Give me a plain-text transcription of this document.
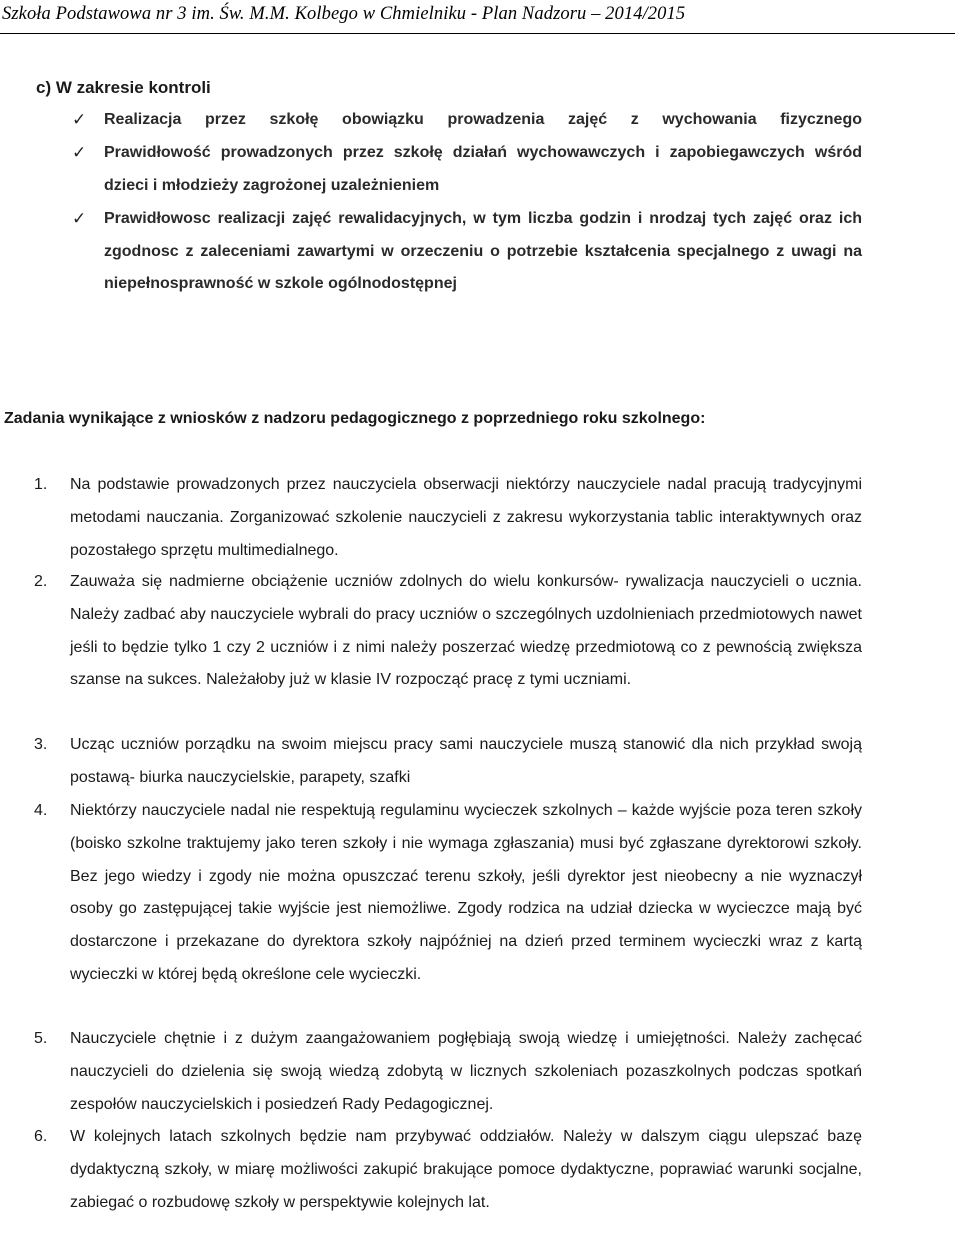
Szkoła Podstawowa nr 3 im. Św. M.M. Kolbego w Chmielniku - Plan Nadzoru – 2014/2015
c) W zakresie kontroli
✓ Realizacja przez szkołę obowiązku prowadzenia zajęć z wychowania fizycznego
✓ Prawidłowość prowadzonych przez szkołę działań wychowawczych i zapobiegawczych wśród dzieci i młodzieży zagrożonej uzależnieniem
✓ Prawidłowosc realizacji zajęć rewalidacyjnych, w tym liczba godzin i nrodzaj tych zajęć oraz ich zgodnosc z zaleceniami zawartymi w orzeczeniu o potrzebie kształcenia specjalnego z uwagi na niepełnosprawność w szkole ogólnodostępnej
Zadania wynikające z wniosków z nadzoru pedagogicznego z poprzedniego roku szkolnego:
1. Na podstawie prowadzonych przez nauczyciela obserwacji niektórzy nauczyciele nadal pracują tradycyjnymi metodami nauczania. Zorganizować szkolenie nauczycieli z zakresu wykorzystania tablic interaktywnych oraz pozostałego sprzętu multimedialnego.
2. Zauważa się nadmierne obciążenie uczniów zdolnych do wielu konkursów- rywalizacja nauczycieli o ucznia. Należy zadbać aby nauczyciele wybrali do pracy uczniów o szczególnych uzdolnieniach przedmiotowych nawet jeśli to będzie tylko 1 czy 2 uczniów i z nimi należy poszerzać wiedzę przedmiotową co z pewnością zwiększa szanse na sukces. Należałoby już w klasie IV rozpocząć pracę z tymi uczniami.
3. Ucząc uczniów porządku na swoim miejscu pracy sami nauczyciele muszą stanowić dla nich przykład swoją postawą- biurka nauczycielskie, parapety, szafki
4. Niektórzy nauczyciele nadal nie respektują regulaminu wycieczek szkolnych – każde wyjście poza teren szkoły (boisko szkolne traktujemy jako teren szkoły i nie wymaga zgłaszania) musi być zgłaszane dyrektorowi szkoły. Bez jego wiedzy i zgody nie można opuszczać terenu szkoły, jeśli dyrektor jest nieobecny a nie wyznaczył osoby go zastępującej takie wyjście jest niemożliwe. Zgody rodzica na udział dziecka w wycieczce mają być dostarczone i przekazane do dyrektora szkoły najpóźniej na dzień przed terminem wycieczki wraz z kartą wycieczki w której będą określone cele wycieczki.
5. Nauczyciele chętnie i z dużym zaangażowaniem pogłębiają swoją wiedzę i umiejętności. Należy zachęcać nauczycieli do dzielenia się swoją wiedzą zdobytą w licznych szkoleniach pozaszkolnych podczas spotkań zespołów nauczycielskich i posiedzeń Rady Pedagogicznej.
6. W kolejnych latach szkolnych będzie nam przybywać oddziałów. Należy w dalszym ciągu ulepszać bazę dydaktyczną szkoły, w miarę możliwości zakupić brakujące pomoce dydaktyczne, poprawiać warunki socjalne, zabiegać o rozbudowę szkoły w perspektywie kolejnych lat.
